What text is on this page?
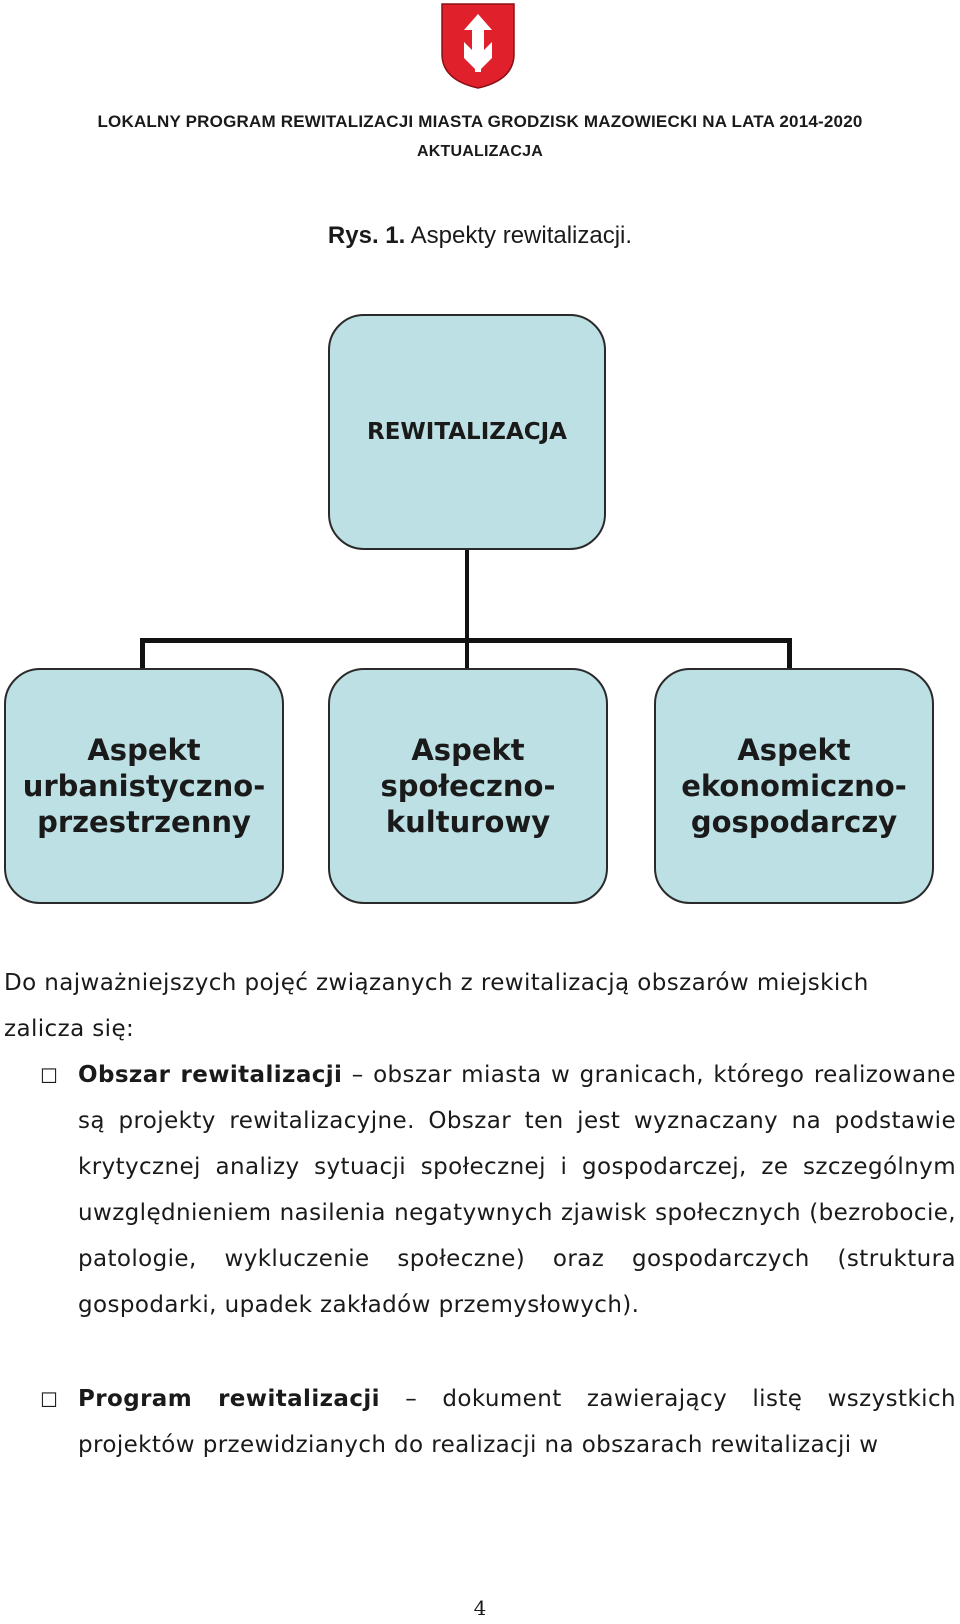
LOKALNY PROGRAM REWITALIZACJI MIASTA GRODZISK MAZOWIECKI NA LATA 2014-2020
AKTUALIZACJA
Rys. 1. Aspekty rewitalizacji.
REWITALIZACJA
Aspekt urbanistyczno-przestrzenny
Aspekt społeczno-kulturowy
Aspekt ekonomiczno-gospodarczy
Do najważniejszych pojęć związanych z rewitalizacją obszarów miejskich zalicza się:
☐ Obszar rewitalizacji – obszar miasta w granicach, którego realizowane są projekty rewitalizacyjne. Obszar ten jest wyznaczany na podstawie krytycznej analizy sytuacji społecznej i gospodarczej, ze szczególnym uwzględnieniem nasilenia negatywnych zjawisk społecznych (bezrobocie, patologie, wykluczenie społeczne) oraz gospodarczych (struktura gospodarki, upadek zakładów przemysłowych).
☐ Program rewitalizacji – dokument zawierający listę wszystkich projektów przewidzianych do realizacji na obszarach rewitalizacji w
4
